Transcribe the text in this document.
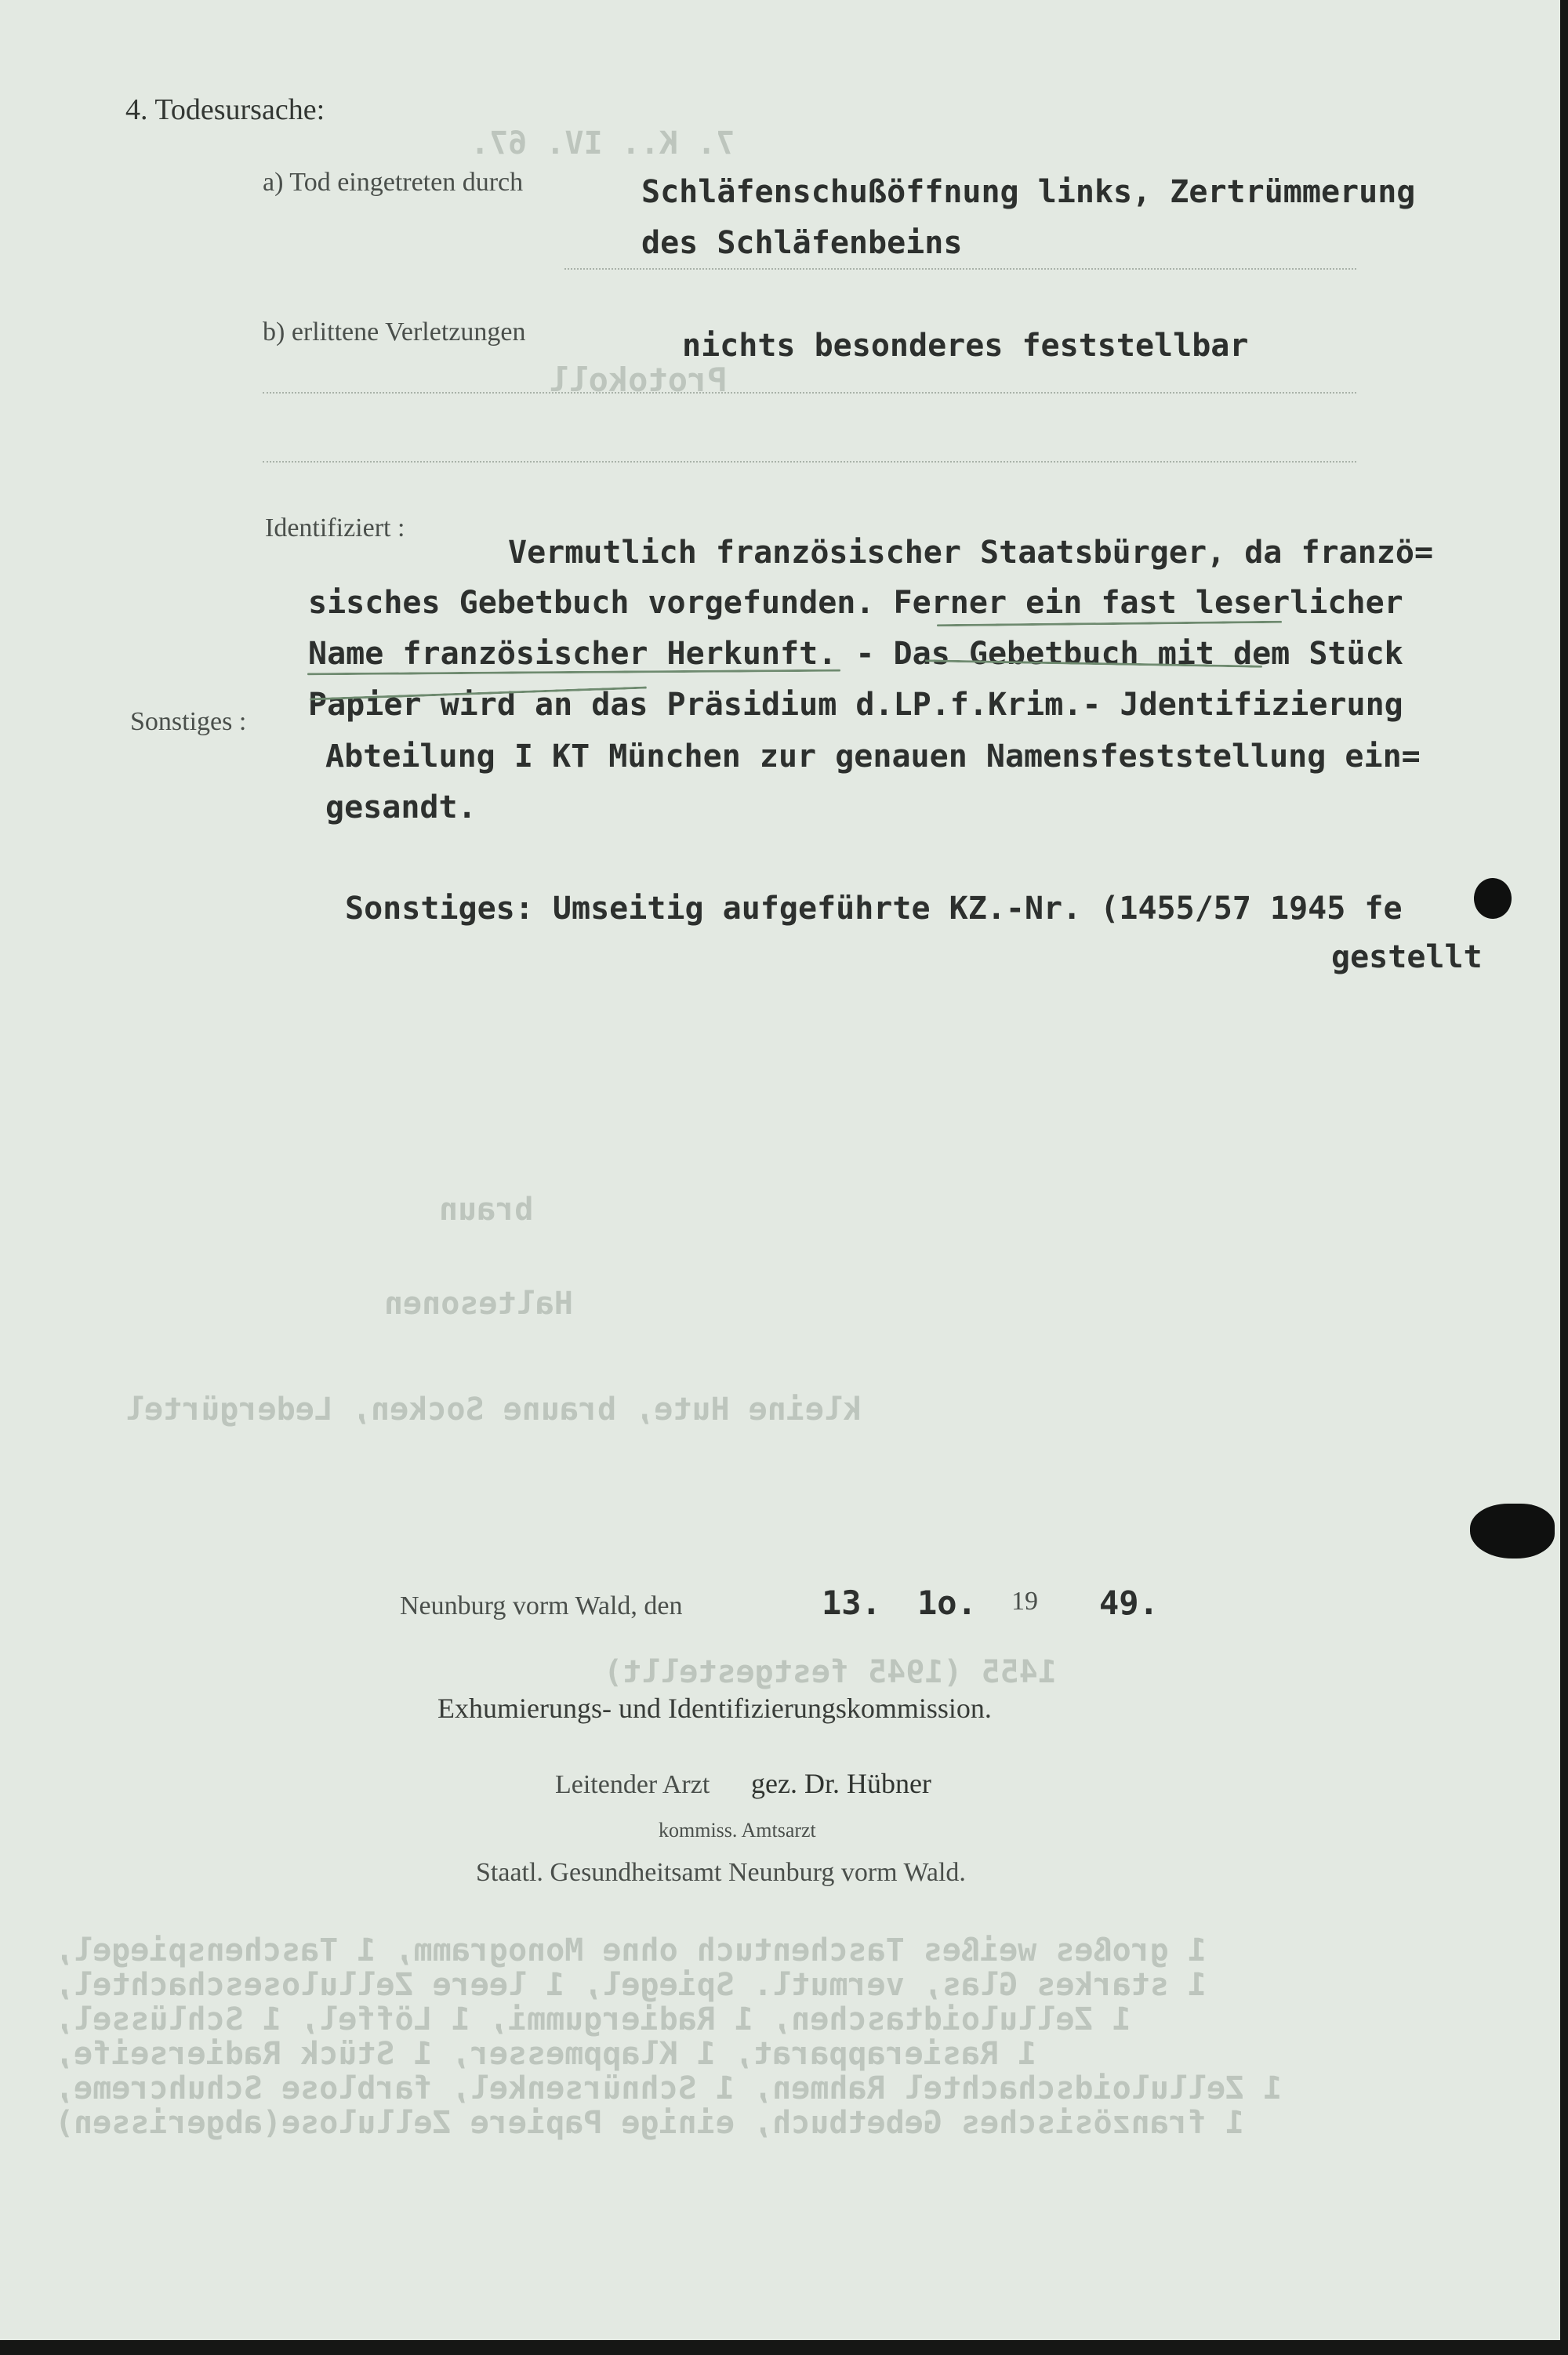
7. K.. IV. 67.
Protokoll
braun
Haltesonen
kleine Hute, braune Socken, Ledergürtel
1455 (1945 festgestellt)
1 großes weißes Taschentuch ohne Monogramm, 1 Taschenspiegel,
1 starkes Glas, vermutl. Spiegel, 1 leere Zelluloseschachtel,
1 Zelluloidtaschen, 1 Radiergummi, 1 Löffel, 1 Schlüssel,
1 Rasierapparat, 1 Klappmesser, 1 Stück Radierseife,
1 Zelluloidschachtel Rahmen, 1 Schnürsenkel, farblose Schuhcreme,
1 französisches Gebetbuch, einige Papiere Zellulose(abgerissen)
4. Todesursache:
a) Tod eingetreten durch	Schläfenschußöffnung links, Zertrümmerung
des Schläfenbeins
b) erlittene Verletzungen	nichts besonderes feststellbar
Identifiziert :
Vermutlich französischer Staatsbürger, da franzö=
sisches Gebetbuch vorgefunden. Ferner ein fast leserlicher
Name französischer Herkunft. - Das Gebetbuch mit dem Stück
Papier wird an das Präsidium d.LP.f.Krim.- Jdentifizierung
Abteilung I KT München zur genauen Namensfeststellung ein=
gesandt.
Sonstiges :
Sonstiges: Umseitig aufgeführte KZ.-Nr. (1455/57 1945 fe
gestellt
Neunburg vorm Wald, den	13. 1o. 19 49.
Exhumierungs- und Identifizierungskommission.
Leitender Arzt gez. Dr. Hübner
kommiss. Amtsarzt
Staatl. Gesundheitsamt Neunburg vorm Wald.
